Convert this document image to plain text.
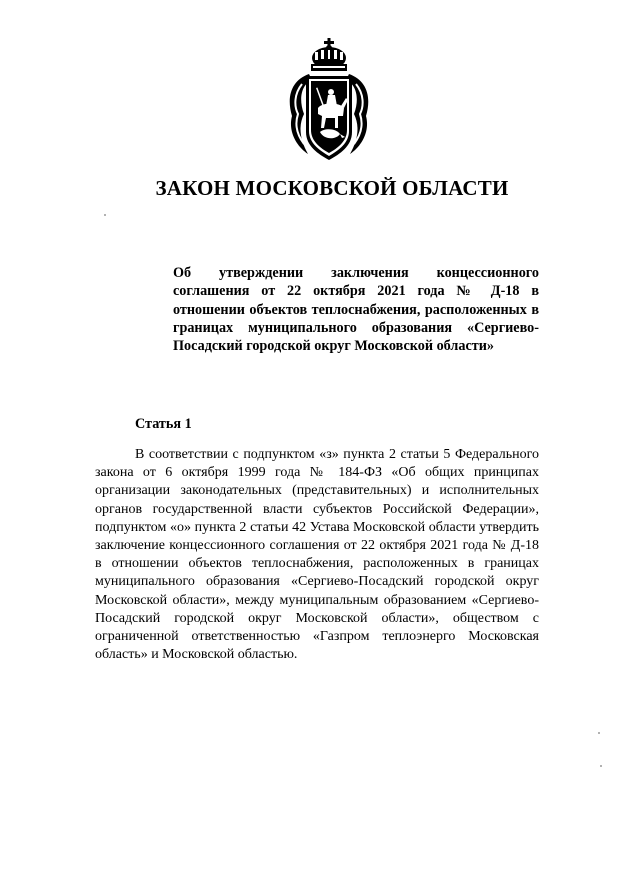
ЗАКОН МОСКОВСКОЙ ОБЛАСТИ
Об утверждении заключения концессионного соглашения от 22 октября 2021 года № Д-18 в отношении объектов теплоснабжения, расположенных в границах муниципального образования «Сергиево-Посадский городской округ Московской области»
Статья 1

В соответствии с подпунктом «з» пункта 2 статьи 5 Федерального закона от 6 октября 1999 года № 184-ФЗ «Об общих принципах организации законодательных (представительных) и исполнительных органов государственной власти субъектов Российской Федерации», подпунктом «о» пункта 2 статьи 42 Устава Московской области утвердить заключение концессионного соглашения от 22 октября 2021 года № Д-18 в отношении объектов теплоснабжения, расположенных в границах муниципального образования «Сергиево-Посадский городской округ Московской области», между муниципальным образованием «Сергиево-Посадский городской округ Московской области», обществом с ограниченной ответственностью «Газпром теплоэнерго Московская область» и Московской областью.
